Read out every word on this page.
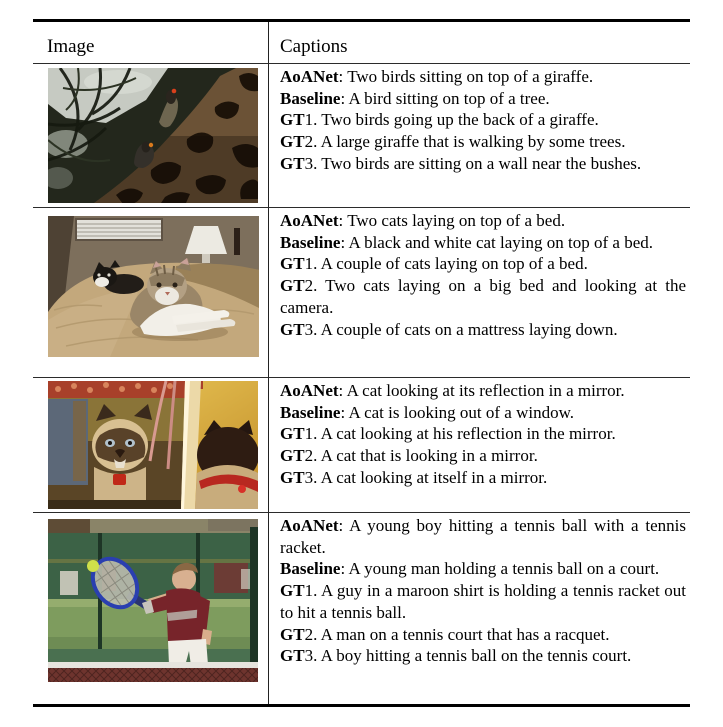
Image	Captions

AoANet: Two birds sitting on top of a giraffe.

Baseline: A bird sitting on top of a tree.

GT1. Two birds going up the back of a giraffe.

GT2. A large giraffe that is walking by some trees.

GT3. Two birds are sitting on a wall near the bushes.

AoANet: Two cats laying on top of a bed.

Baseline: A black and white cat laying on top of a bed.

GT1. A couple of cats laying on top of a bed.

GT2. Two cats laying on a big bed and looking at the camera.

GT3. A couple of cats on a mattress laying down.

AoANet: A cat looking at its reflection in a mirror.

Baseline: A cat is looking out of a window.

GT1. A cat looking at his reflection in the mirror.

GT2. A cat that is looking in a mirror.

GT3. A cat looking at itself in a mirror.

AoANet: A young boy hitting a tennis ball with a tennis racket.

Baseline: A young man holding a tennis ball on a court.

GT1. A guy in a maroon shirt is holding a tennis racket out to hit a tennis ball.

GT2. A man on a tennis court that has a racquet.

GT3. A boy hitting a tennis ball on the tennis court.
